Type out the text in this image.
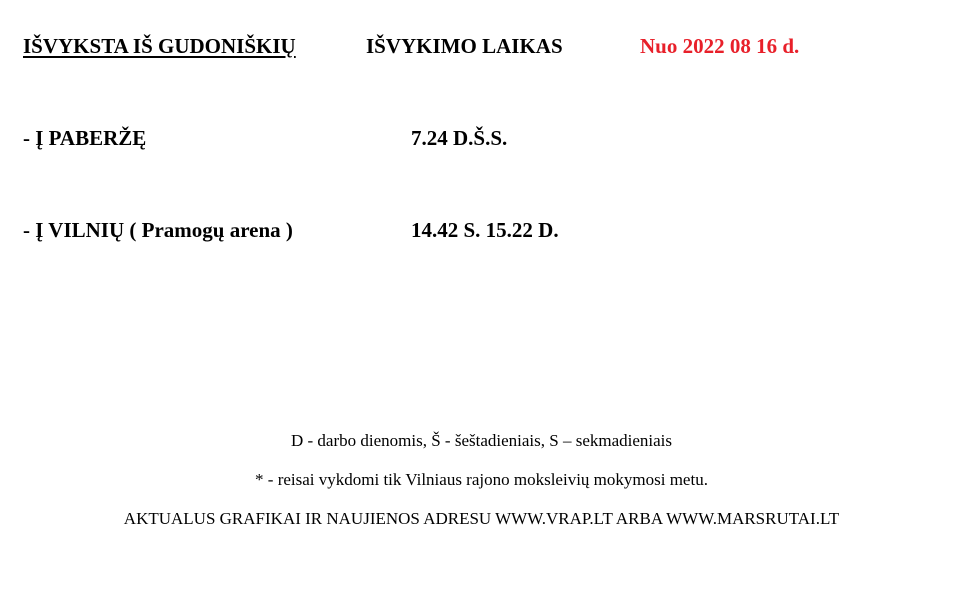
IŠVYKSTA IŠ GUDONIŠKIŲ	IŠVYKIMO LAIKAS	Nuo 2022 08 16 d.
- Į PABERŽĘ	7.24 D.Š.S.
- Į VILNIŲ ( Pramogų arena )	14.42 S. 15.22 D.
D - darbo dienomis, Š - šeštadieniais, S – sekmadieniais
* - reisai vykdomi tik Vilniaus rajono moksleivių mokymosi metu.
AKTUALUS GRAFIKAI IR NAUJIENOS ADRESU WWW.VRAP.LT ARBA WWW.MARSRUTAI.LT
